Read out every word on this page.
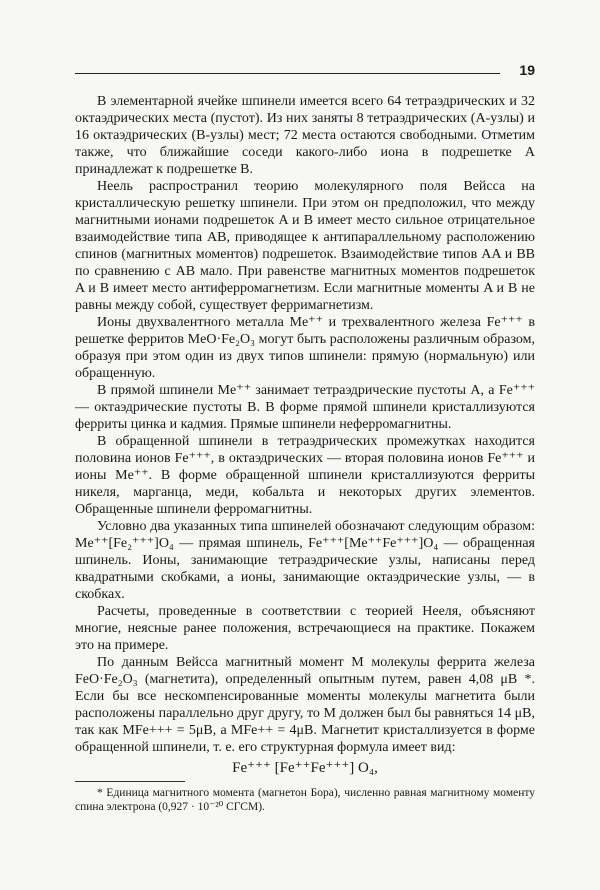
19

В элементарной ячейке шпинели имеется всего 64 тетраэдрических и 32 октаэдрических места (пустот). Из них заняты 8 тетраэдрических (A-узлы) и 16 октаэдрических (B-узлы) мест; 72 места остаются свободными. Отметим также, что ближайшие соседи какого-либо иона в подрешетке A принадлежат к подрешетке B.

Неель распространил теорию молекулярного поля Вейсса на кристаллическую решетку шпинели. При этом он предположил, что между магнитными ионами подрешеток A и B имеет место сильное отрицательное взаимодействие типа AB, приводящее к антипараллельному расположению спинов (магнитных моментов) подрешеток. Взаимодействие типов AA и BB по сравнению с AB мало. При равенстве магнитных моментов подрешеток A и B имеет место антиферромагнетизм. Если магнитные моменты A и B не равны между собой, существует ферримагнетизм.

Ионы двухвалентного металла Me⁺⁺ и трехвалентного железа Fe⁺⁺⁺ в решетке ферритов MeO·Fe₂O₃ могут быть расположены различным образом, образуя при этом один из двух типов шпинели: прямую (нормальную) или обращенную.

В прямой шпинели Me⁺⁺ занимает тетраэдрические пустоты A, а Fe⁺⁺⁺ — октаэдрические пустоты B. В форме прямой шпинели кристаллизуются ферриты цинка и кадмия. Прямые шпинели неферромагнитны.

В обращенной шпинели в тетраэдрических промежутках находится половина ионов Fe⁺⁺⁺, в октаэдрических — вторая половина ионов Fe⁺⁺⁺ и ионы Me⁺⁺. В форме обращенной шпинели кристаллизуются ферриты никеля, марганца, меди, кобальта и некоторых других элементов. Обращенные шпинели ферромагнитны.

Условно два указанных типа шпинелей обозначают следующим образом: Me⁺⁺[Fe₂⁺⁺⁺]O₄ — прямая шпинель, Fe⁺⁺⁺[Me⁺⁺Fe⁺⁺⁺]O₄ — обращенная шпинель. Ионы, занимающие тетраэдрические узлы, написаны перед квадратными скобками, а ионы, занимающие октаэдрические узлы, — в скобках.

Расчеты, проведенные в соответствии с теорией Нееля, объясняют многие, неясные ранее положения, встречающиеся на практике. Покажем это на примере.

По данным Вейсса магнитный момент M молекулы феррита железа FeO·Fe₂O₃ (магнетита), определенный опытным путем, равен 4,08 μB *. Если бы все нескомпенсированные моменты молекулы магнетита были расположены параллельно друг другу, то M должен был бы равняться 14 μB, так как MFe+++ = 5μB, а MFe++ = 4μB. Магнетит кристаллизуется в форме обращенной шпинели, т. е. его структурная формула имеет вид:

Fe⁺⁺⁺ [Fe⁺⁺Fe⁺⁺⁺] O₄,

* Единица магнитного момента (магнетон Бора), численно равная магнитному моменту спина электрона (0,927 · 10⁻²⁰ СГСМ).
